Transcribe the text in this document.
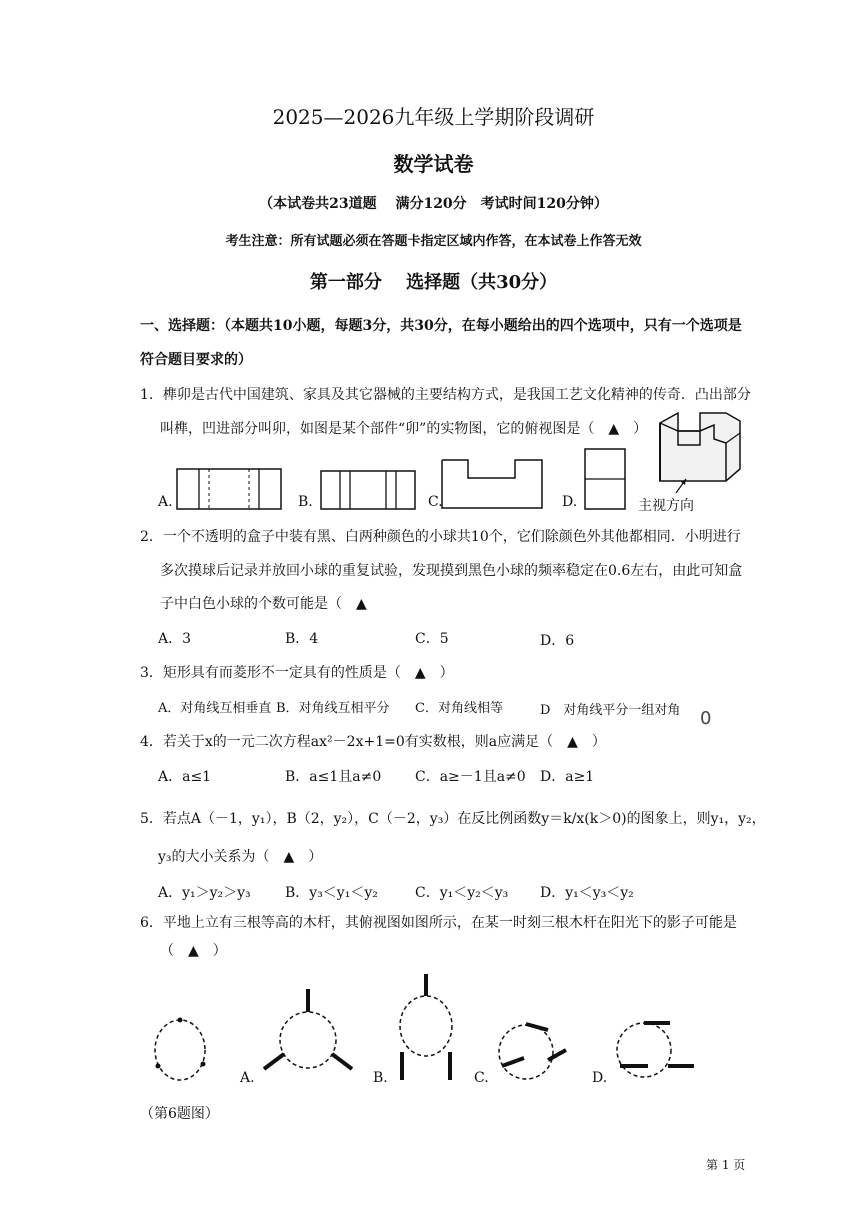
2025—2026九年级上学期阶段调研
数学试卷
（本试卷共23道题　 满分120分　考试时间120分钟）
考生注意：所有试题必须在答题卡指定区域内作答，在本试卷上作答无效
第一部分　 选择题（共30分）
一、选择题：（本题共10小题，每题3分，共30分，在每小题给出的四个选项中，只有一个选项是
符合题目要求的）
1．榫卯是古代中国建筑、家具及其它器械的主要结构方式，是我国工艺文化精神的传奇．凸出部分
叫榫，凹进部分叫卯，如图是某个部件“卯”的实物图，它的俯视图是（　▲　）
A.	B.	C.	D.	主视方向
2．一个不透明的盒子中装有黑、白两种颜色的小球共10个，它们除颜色外其他都相同．小明进行
多次摸球后记录并放回小球的重复试验，发现摸到黑色小球的频率稳定在0.6左右，由此可知盒
子中白色小球的个数可能是（　▲
A．3	B．4	C．5	D．6
3．矩形具有而菱形不一定具有的性质是（　▲　）
A．对角线互相垂直 B．对角线互相平分 C．对角线相等	D　对角线平分一组对角 0
4．若关于x的一元二次方程ax²－2x+1=0有实数根，则a应满足（　▲　）
A．a≤1	B．a≤1且a≠0 C．a≥－1且a≠0 D．a≥1
5．若点A（－1，y₁），B（2，y₂），C（－2，y₃）在反比例函数y＝k/x(k＞0)的图象上，则y₁，y₂，
y₃的大小关系为（　▲　）
A．y₁＞y₂＞y₃ B．y₃＜y₁＜y₂	C．y₁＜y₂＜y₃ D．y₁＜y₃＜y₂
6．平地上立有三根等高的木杆，其俯视图如图所示，在某一时刻三根木杆在阳光下的影子可能是
（　▲　）
A.	B.	C.	D.
（第6题图）
第 1 页
